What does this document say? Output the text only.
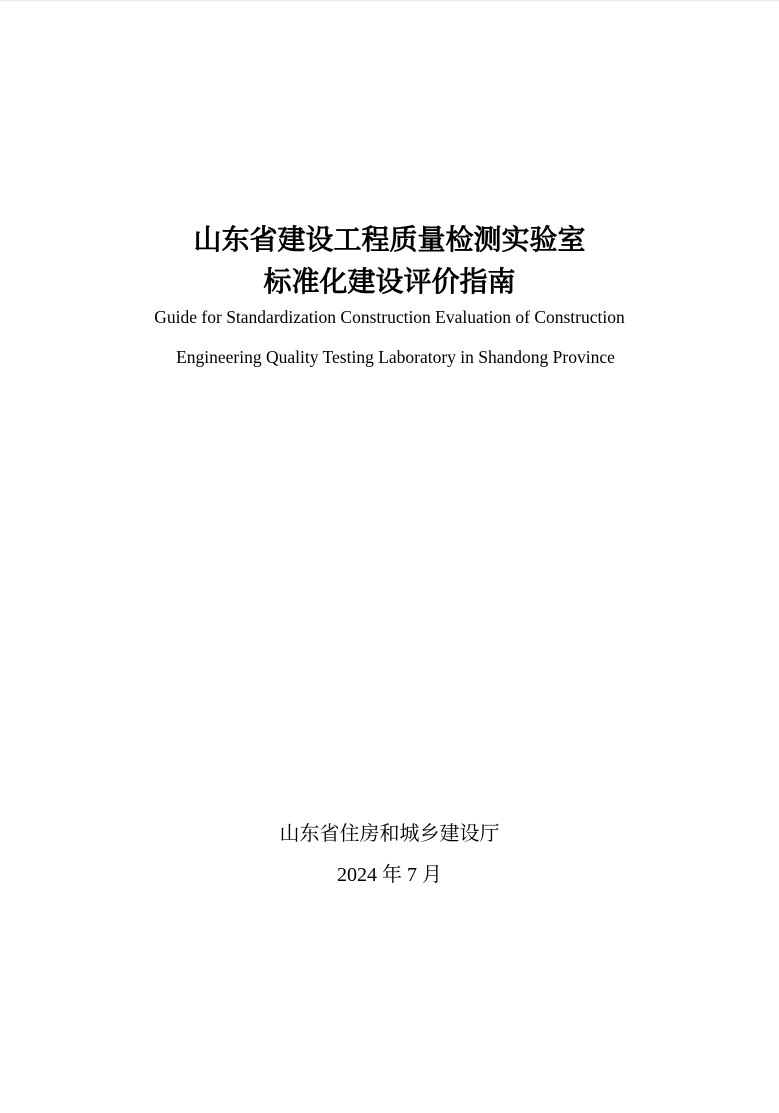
山东省建设工程质量检测实验室

标准化建设评价指南

Guide for Standardization Construction Evaluation of Construction

Engineering Quality Testing Laboratory in Shandong Province

山东省住房和城乡建设厅

2024 年 7 月
